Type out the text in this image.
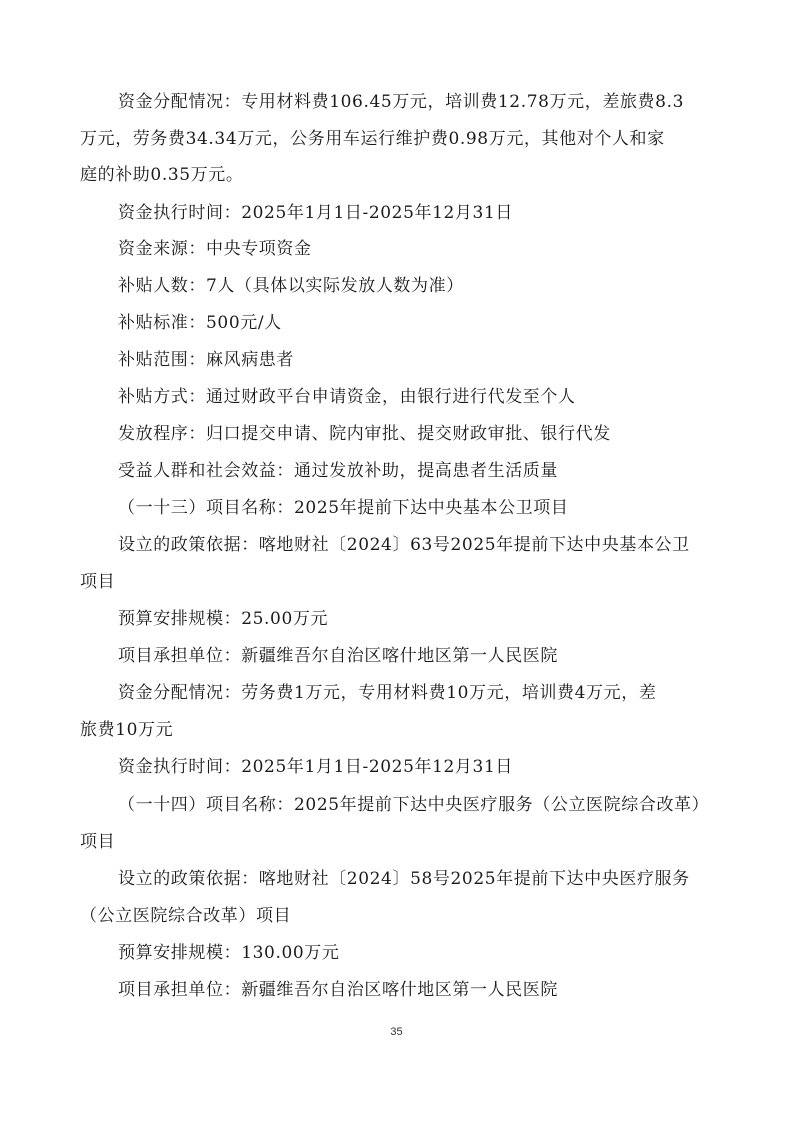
资金分配情况：专用材料费106.45万元，培训费12.78万元，差旅费8.3
万元，劳务费34.34万元，公务用车运行维护费0.98万元，其他对个人和家
庭的补助0.35万元。
资金执行时间：2025年1月1日-2025年12月31日
资金来源：中央专项资金
补贴人数：7人（具体以实际发放人数为准）
补贴标准：500元/人
补贴范围：麻风病患者
补贴方式：通过财政平台申请资金，由银行进行代发至个人
发放程序：归口提交申请、院内审批、提交财政审批、银行代发
受益人群和社会效益：通过发放补助，提高患者生活质量
（一十三）项目名称：2025年提前下达中央基本公卫项目
设立的政策依据：喀地财社〔2024〕63号2025年提前下达中央基本公卫
项目
预算安排规模：25.00万元
项目承担单位：新疆维吾尔自治区喀什地区第一人民医院
资金分配情况：劳务费1万元，专用材料费10万元，培训费4万元，差
旅费10万元
资金执行时间：2025年1月1日-2025年12月31日
（一十四）项目名称：2025年提前下达中央医疗服务（公立医院综合改革）
项目
设立的政策依据：喀地财社〔2024〕58号2025年提前下达中央医疗服务
（公立医院综合改革）项目
预算安排规模：130.00万元
项目承担单位：新疆维吾尔自治区喀什地区第一人民医院
35
